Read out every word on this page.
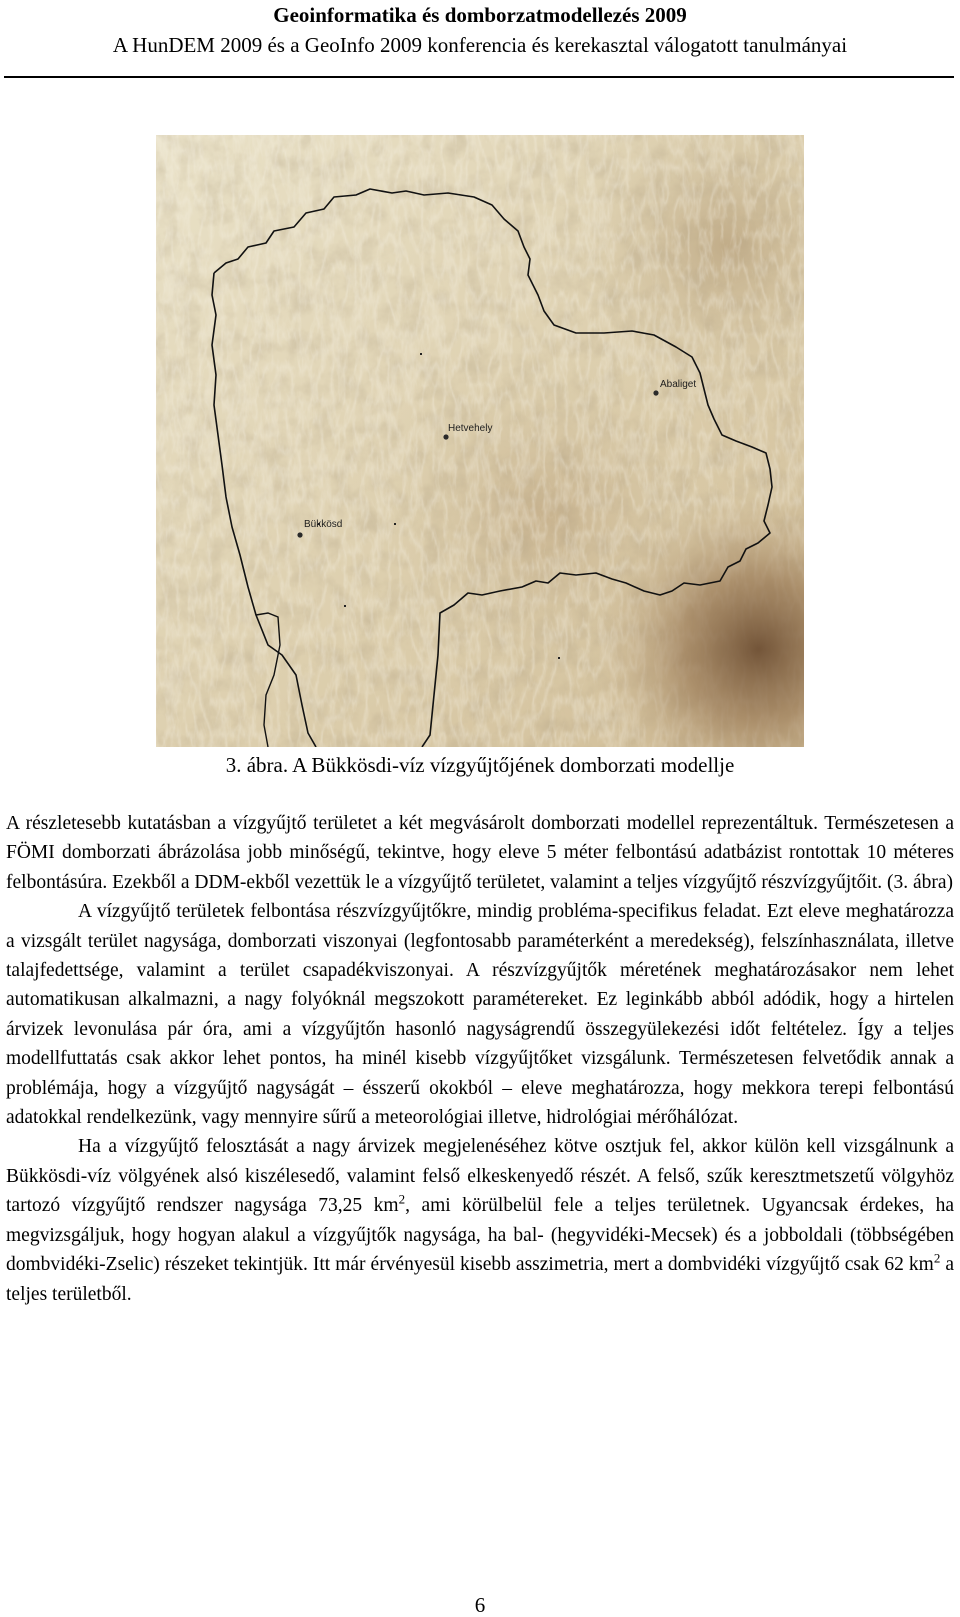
Geoinformatika és domborzatmodellezés 2009
A HunDEM 2009 és a GeoInfo 2009 konferencia és kerekasztal válogatott tanulmányai
Abaliget
Hetvehely
Bükkösd
3. ábra. A Bükkösdi-víz vízgyűjtőjének domborzati modellje

A részletesebb kutatásban a vízgyűjtő területet a két megvásárolt domborzati modellel reprezentáltuk. Természetesen a FÖMI domborzati ábrázolása jobb minőségű, tekintve, hogy eleve 5 méter felbontású adatbázist rontottak 10 méteres felbontásúra. Ezekből a DDM-ekből vezettük le a vízgyűjtő területet, valamint a teljes vízgyűjtő részvízgyűjtőit. (3. ábra)

A vízgyűjtő területek felbontása részvízgyűjtőkre, mindig probléma-specifikus feladat. Ezt eleve meghatározza a vizsgált terület nagysága, domborzati viszonyai (legfontosabb paraméterként a meredekség), felszínhasználata, illetve talajfedettsége, valamint a terület csapadékviszonyai. A részvízgyűjtők méretének meghatározásakor nem lehet automatikusan alkalmazni, a nagy folyóknál megszokott paramétereket. Ez leginkább abból adódik, hogy a hirtelen árvizek levonulása pár óra, ami a vízgyűjtőn hasonló nagyságrendű összegyülekezési időt feltételez. Így a teljes modellfuttatás csak akkor lehet pontos, ha minél kisebb vízgyűjtőket vizsgálunk. Természetesen felvetődik annak a problémája, hogy a vízgyűjtő nagyságát – ésszerű okokból – eleve meghatározza, hogy mekkora terepi felbontású adatokkal rendelkezünk, vagy mennyire sűrű a meteorológiai illetve, hidrológiai mérőhálózat.

Ha a vízgyűjtő felosztását a nagy árvizek megjelenéséhez kötve osztjuk fel, akkor külön kell vizsgálnunk a Bükkösdi-víz völgyének alsó kiszélesedő, valamint felső elkeskenyedő részét. A felső, szűk keresztmetszetű völgyhöz tartozó vízgyűjtő rendszer nagysága 73,25 $km^2$, ami körülbelül fele a teljes területnek. Ugyancsak érdekes, ha megvizsgáljuk, hogy hogyan alakul a vízgyűjtők nagysága, ha bal- (hegyvidéki-Mecsek) és a jobboldali (többségében dombvidéki-Zselic) részeket tekintjük. Itt már érvényesül kisebb asszimetria, mert a dombvidéki vízgyűjtő csak 62 $km^2$ a teljes területből.

6
